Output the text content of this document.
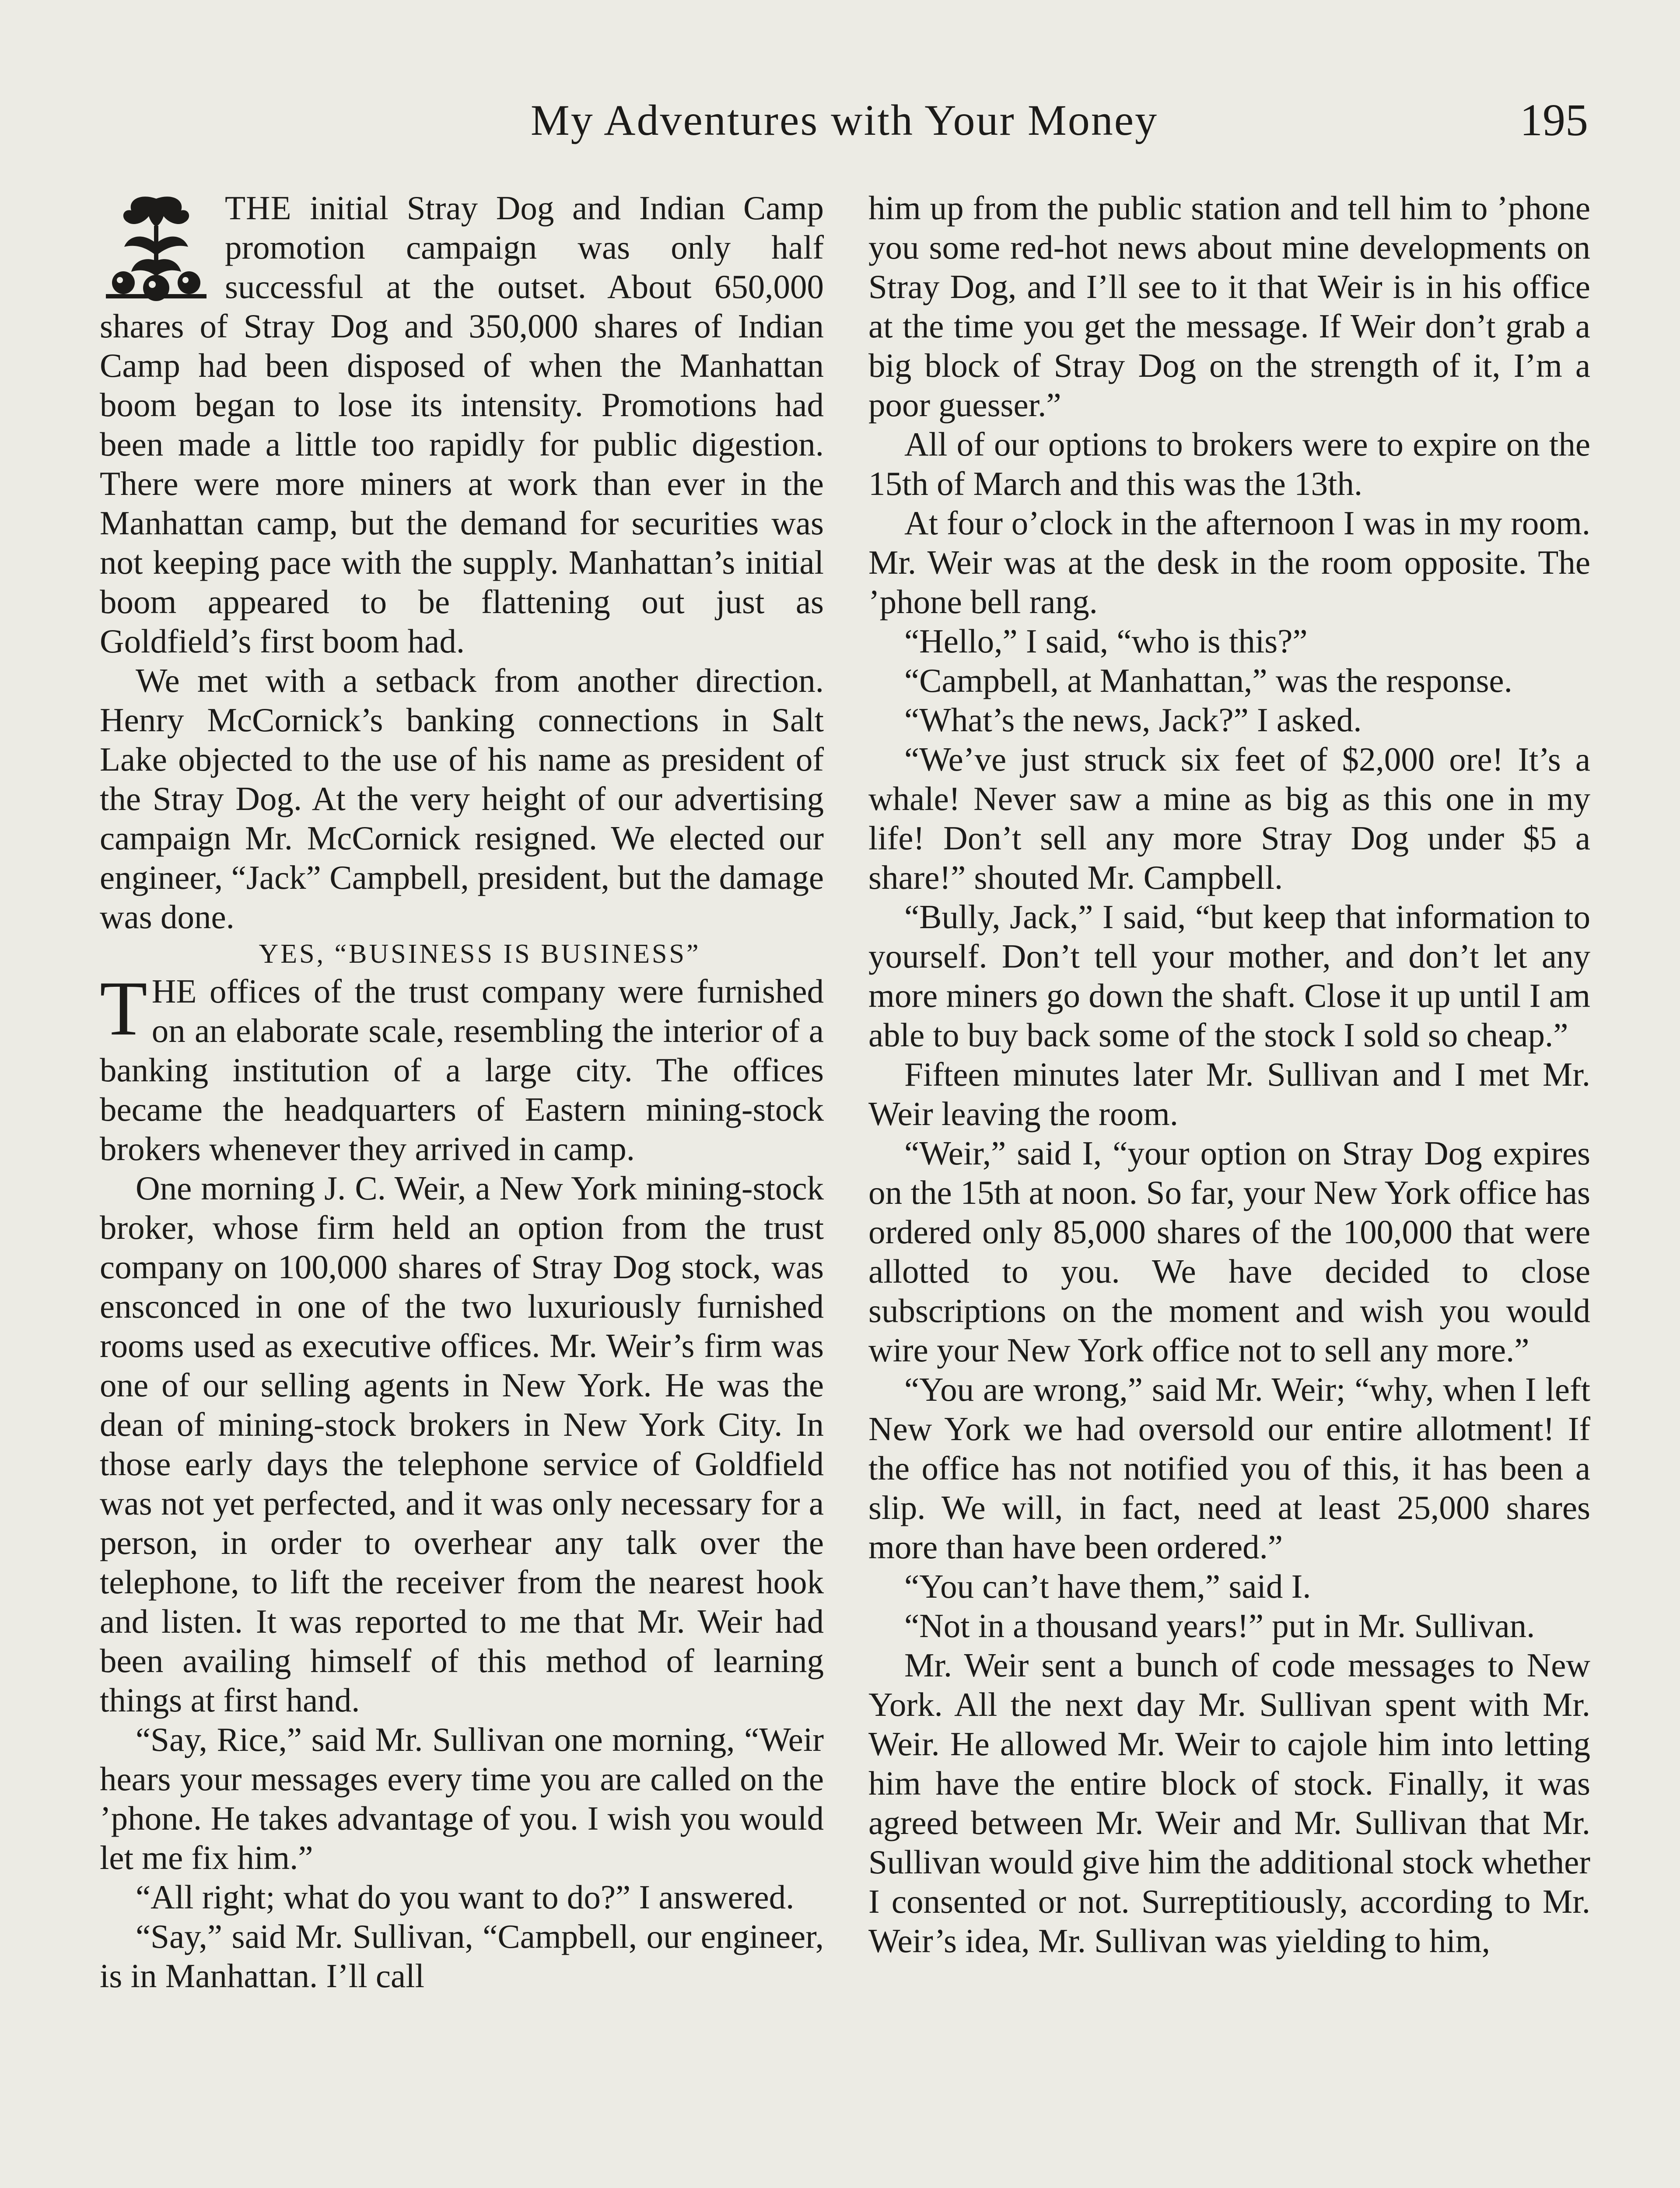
My Adventures with Your Money	195

THE initial Stray Dog and Indian Camp promotion campaign was only half successful at the outset. About 650,000 shares of Stray Dog and 350,000 shares of Indian Camp had been disposed of when the Manhattan boom began to lose its intensity. Promotions had been made a little too rapidly for public digestion. There were more miners at work than ever in the Manhattan camp, but the demand for securities was not keeping pace with the supply. Manhattan’s initial boom appeared to be flattening out just as Goldfield’s first boom had.

We met with a setback from another direction. Henry McCornick’s banking connections in Salt Lake objected to the use of his name as president of the Stray Dog. At the very height of our advertising campaign Mr. McCornick resigned. We elected our engineer, “Jack” Campbell, president, but the damage was done.

YES, “BUSINESS IS BUSINESS”

THE offices of the trust company were furnished on an elaborate scale, resembling the interior of a banking institution of a large city. The offices became the headquarters of Eastern mining-stock brokers whenever they arrived in camp.

One morning J. C. Weir, a New York mining-stock broker, whose firm held an option from the trust company on 100,000 shares of Stray Dog stock, was ensconced in one of the two luxuriously furnished rooms used as executive offices. Mr. Weir’s firm was one of our selling agents in New York. He was the dean of mining-stock brokers in New York City. In those early days the telephone service of Goldfield was not yet perfected, and it was only necessary for a person, in order to overhear any talk over the telephone, to lift the receiver from the nearest hook and listen. It was reported to me that Mr. Weir had been availing himself of this method of learning things at first hand.

“Say, Rice,” said Mr. Sullivan one morning, “Weir hears your messages every time you are called on the ’phone. He takes advantage of you. I wish you would let me fix him.”

“All right; what do you want to do?” I answered.

“Say,” said Mr. Sullivan, “Campbell, our engineer, is in Manhattan. I’ll call

him up from the public station and tell him to ’phone you some red-hot news about mine developments on Stray Dog, and I’ll see to it that Weir is in his office at the time you get the message. If Weir don’t grab a big block of Stray Dog on the strength of it, I’m a poor guesser.”

All of our options to brokers were to expire on the 15th of March and this was the 13th.

At four o’clock in the afternoon I was in my room. Mr. Weir was at the desk in the room opposite. The ’phone bell rang.

“Hello,” I said, “who is this?”

“Campbell, at Manhattan,” was the response.

“What’s the news, Jack?” I asked.

“We’ve just struck six feet of $2,000 ore! It’s a whale! Never saw a mine as big as this one in my life! Don’t sell any more Stray Dog under $5 a share!” shouted Mr. Campbell.

“Bully, Jack,” I said, “but keep that information to yourself. Don’t tell your mother, and don’t let any more miners go down the shaft. Close it up until I am able to buy back some of the stock I sold so cheap.”

Fifteen minutes later Mr. Sullivan and I met Mr. Weir leaving the room.

“Weir,” said I, “your option on Stray Dog expires on the 15th at noon. So far, your New York office has ordered only 85,000 shares of the 100,000 that were allotted to you. We have decided to close subscriptions on the moment and wish you would wire your New York office not to sell any more.”

“You are wrong,” said Mr. Weir; “why, when I left New York we had oversold our entire allotment! If the office has not notified you of this, it has been a slip. We will, in fact, need at least 25,000 shares more than have been ordered.”

“You can’t have them,” said I.

“Not in a thousand years!” put in Mr. Sullivan.

Mr. Weir sent a bunch of code messages to New York. All the next day Mr. Sullivan spent with Mr. Weir. He allowed Mr. Weir to cajole him into letting him have the entire block of stock. Finally, it was agreed between Mr. Weir and Mr. Sullivan that Mr. Sullivan would give him the additional stock whether I consented or not. Surreptitiously, according to Mr. Weir’s idea, Mr. Sullivan was yielding to him,
